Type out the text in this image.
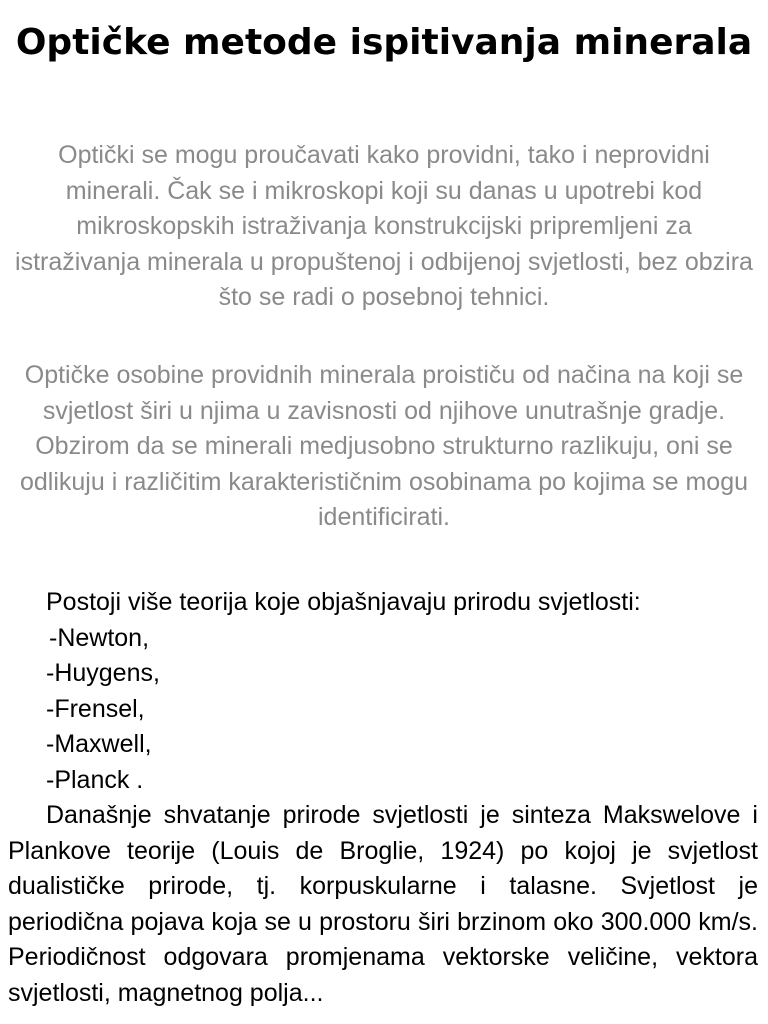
Optičke metode ispitivanja minerala

Optički se mogu proučavati kako providni, tako i neprovidni minerali. Čak se i mikroskopi koji su danas u upotrebi kod mikroskopskih istraživanja konstrukcijski pripremljeni za istraživanja minerala u propuštenoj i odbijenoj svjetlosti, bez obzira što se radi o posebnoj tehnici.

Optičke osobine providnih minerala proističu od načina na koji se svjetlost širi u njima u zavisnosti od njihove unutrašnje gradje. Obzirom da se minerali medjusobno strukturno razlikuju, oni se odlikuju i različitim karakterističnim osobinama po kojima se mogu identificirati.

Postoji više teorija koje objašnjavaju prirodu svjetlosti:

-Newton,
-Huygens,
-Frensel,
-Maxwell,
-Planck .

Današnje shvatanje prirode svjetlosti je sinteza Makswelove i Plankove teorije (Louis de Broglie, 1924) po kojoj je svjetlost dualističke prirode, tj. korpuskularne i talasne. Svjetlost je periodična pojava koja se u prostoru širi brzinom oko 300.000 km/s. Periodičnost odgovara promjenama vektorske veličine, vektora svjetlosti, magnetnog polja...
